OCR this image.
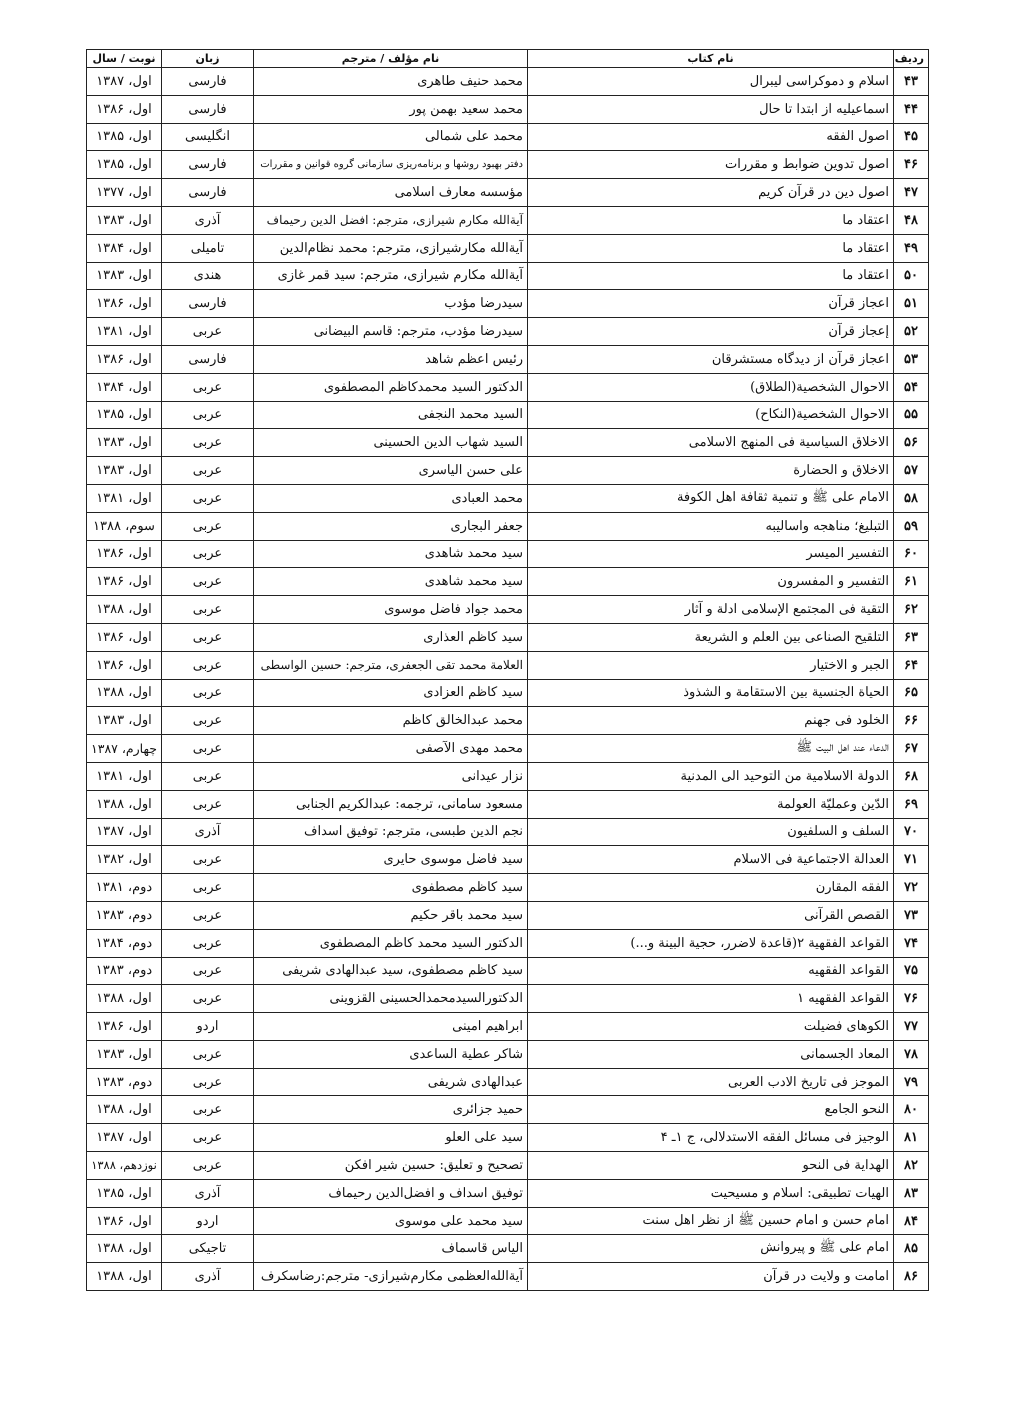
ردیف	نام کتاب	نام مؤلف / مترجم	زبان	نوبت / سال
۴۳	اسلام و دموکراسی لیبرال	محمد حنیف طاهری	فارسی	اول، ۱۳۸۷
۴۴	اسماعیلیه از ابتدا تا حال	محمد سعید بهمن پور	فارسی	اول، ۱۳۸۶
۴۵	اصول الفقه	محمد علی شمالی	انگلیسی	اول، ۱۳۸۵
۴۶	اصول تدوین ضوابط و مقررات	دفتر بهبود روشها و برنامه‌ریزی سازمانی گروه قوانین و مقررات	فارسی	اول، ۱۳۸۵
۴۷	اصول دین در قرآن کریم	مؤسسه معارف اسلامی	فارسی	اول، ۱۳۷۷
۴۸	اعتقاد ما	آیةالله مکارم شیرازی، مترجم: افضل الدین رحیماف	آذری	اول، ۱۳۸۳
۴۹	اعتقاد ما	آیةالله مکارشیرازی، مترجم: محمد نظام‌الدین	تامیلی	اول، ۱۳۸۴
۵۰	اعتقاد ما	آیةالله مکارم شیرازی، مترجم: سید قمر غازی	هندی	اول، ۱۳۸۳
۵۱	اعجاز قرآن	سیدرضا مؤدب	فارسی	اول، ۱۳۸۶
۵۲	إعجاز قرآن	سیدرضا مؤدب، مترجم: قاسم البیضانی	عربی	اول، ۱۳۸۱
۵۳	اعجاز قرآن از دیدگاه مستشرقان	رئیس اعظم شاهد	فارسی	اول، ۱۳۸۶
۵۴	الاحوال الشخصیة(الطلاق)	الدکتور السید محمدکاظم المصطفوی	عربی	اول، ۱۳۸۴
۵۵	الاحوال الشخصیة(النکاح)	السید محمد النجفی	عربی	اول، ۱۳۸۵
۵۶	الاخلاق السیاسیة فی المنهج الاسلامی	السید شهاب الدین الحسینی	عربی	اول، ۱۳۸۳
۵۷	الاخلاق و الحضارة	علی حسن الیاسری	عربی	اول، ۱۳۸۳
۵۸	الامام علی ﷺ و تنمیة ثقافة اهل الکوفة	محمد العبادی	عربی	اول، ۱۳۸۱
۵۹	التبلیغ؛ مناهجه واسالیبه	جعفر البجاری	عربی	سوم، ۱۳۸۸
۶۰	التفسیر المیسر	سید محمد شاهدی	عربی	اول، ۱۳۸۶
۶۱	التفسیر و المفسرون	سید محمد شاهدی	عربی	اول، ۱۳۸۶
۶۲	التقیة فی المجتمع الإسلامی ادلة و آثار	محمد جواد فاضل موسوی	عربی	اول، ۱۳۸۸
۶۳	التلقیح الصناعی بین العلم و الشریعة	سید کاظم العذاری	عربی	اول، ۱۳۸۶
۶۴	الجبر و الاختیار	العلامة محمد تقی الجعفری، مترجم: حسین الواسطی	عربی	اول، ۱۳۸۶
۶۵	الحیاة الجنسیة بین الاستقامة و الشذوذ	سید کاظم العزادی	عربی	اول، ۱۳۸۸
۶۶	الخلود فی جهنم	محمد عبدالخالق کاظم	عربی	اول، ۱۳۸۳
۶۷	الدعاء عند اهل البیت ﷺ	محمد مهدی الآصفی	عربی	چهارم، ۱۳۸۷
۶۸	الدولة الاسلامیة من التوحید الی المدنیة	نزار عیدانی	عربی	اول، ۱۳۸۱
۶۹	الدّین وعملیّة العولمة	مسعود سامانی، ترجمه: عبدالکریم الجنابی	عربی	اول، ۱۳۸۸
۷۰	السلف و السلفیون	نجم الدین طبسی، مترجم: توفیق اسداف	آذری	اول، ۱۳۸۷
۷۱	العدالة الاجتماعیة فی الاسلام	سید فاضل موسوی حایری	عربی	اول، ۱۳۸۲
۷۲	الفقه المقارن	سید کاظم مصطفوی	عربی	دوم، ۱۳۸۱
۷۳	القصص القرآنی	سید محمد باقر حکیم	عربی	دوم، ۱۳۸۳
۷۴	القواعد الفقهیة ۲(قاعدة لاضرر، حجیة البینة و...)	الدکتور السید محمد کاظم المصطفوی	عربی	دوم، ۱۳۸۴
۷۵	القواعد الفقهیه	سید کاظم مصطفوی، سید عبدالهادی شریفی	عربی	دوم، ۱۳۸۳
۷۶	القواعد الفقهیه ۱	الدکتورالسیدمحمدالحسینی القزوینی	عربی	اول، ۱۳۸۸
۷۷	الکوهای فضیلت	ابراهیم امینی	اردو	اول، ۱۳۸۶
۷۸	المعاد الجسمانی	شاکر عطیة الساعدی	عربی	اول، ۱۳۸۳
۷۹	الموجز فی تاریخ الادب العربی	عبدالهادی شریفی	عربی	دوم، ۱۳۸۳
۸۰	النحو الجامع	حمید جزائری	عربی	اول، ۱۳۸۸
۸۱	الوجیز فی مسائل الفقه الاستدلالی، ج ۱ـ ۴	سید علی العلو	عربی	اول، ۱۳۸۷
۸۲	الهدایة فی النحو	تصحیح و تعلیق: حسین شیر افکن	عربی	نوزدهم، ۱۳۸۸
۸۳	الهیات تطبیقی: اسلام و مسیحیت	توفیق اسداف و افضل‌الدین رحیماف	آذری	اول، ۱۳۸۵
۸۴	امام حسن و امام حسین ﷺ از نظر اهل سنت	سید محمد علی موسوی	اردو	اول، ۱۳۸۶
۸۵	امام علی ﷺ و پیروانش	الیاس قاسماف	تاجیکی	اول، ۱۳۸۸
۸۶	امامت و ولایت در قرآن	آیةالله‌العظمی مکارم‌شیرازی- مترجم:رضاسکرف	آذری	اول، ۱۳۸۸
